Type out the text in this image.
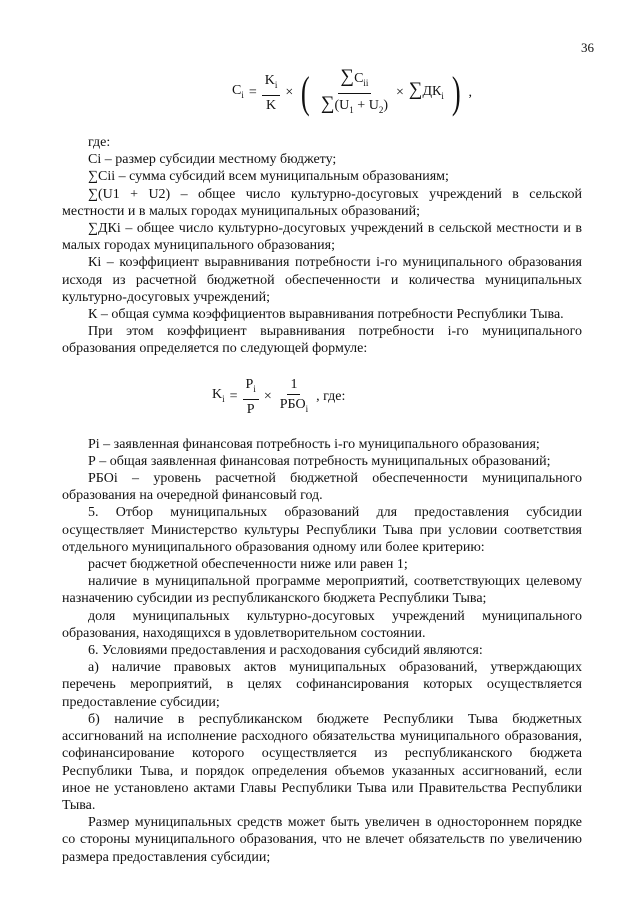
36
$C_i = \frac{K_i}{K}$ × ( $\frac{\sum C_{ii}}{\sum(U_1 + U_2)} \times \sum ДК_i$ ) ,

где:

Сi – размер субсидии местному бюджету;

∑Сii – сумма субсидий всем муниципальным образованиям;

∑(U1 + U2) – общее число культурно-досуговых учреждений в сельской местности и в малых городах муниципальных образований;

∑ДКi – общее число культурно-досуговых учреждений в сельской местности и в малых городах муниципального образования;

Кi – коэффициент выравнивания потребности i-го муниципального образования исходя из расчетной бюджетной обеспеченности и количества муниципальных культурно-досуговых учреждений;

К – общая сумма коэффициентов выравнивания потребности Республики Тыва.

При этом коэффициент выравнивания потребности i-го муниципального образования определяется по следующей формуле:

$K_i = \frac{P_i}{P} \times \frac{1}{РБО_i}$ , где:

Рi – заявленная финансовая потребность i-го муниципального образования;

Р – общая заявленная финансовая потребность муниципальных образований;

РБОi – уровень расчетной бюджетной обеспеченности муниципального образования на очередной финансовый год.

5. Отбор муниципальных образований для предоставления субсидии осуществляет Министерство культуры Республики Тыва при условии соответствия отдельного муниципального образования одному или более критерию:

расчет бюджетной обеспеченности ниже или равен 1;

наличие в муниципальной программе мероприятий, соответствующих целевому назначению субсидии из республиканского бюджета Республики Тыва;

доля муниципальных культурно-досуговых учреждений муниципального образования, находящихся в удовлетворительном состоянии.

6. Условиями предоставления и расходования субсидий являются:

а) наличие правовых актов муниципальных образований, утверждающих перечень мероприятий, в целях софинансирования которых осуществляется предоставление субсидии;

б) наличие в республиканском бюджете Республики Тыва бюджетных ассигнований на исполнение расходного обязательства муниципального образования, софинансирование которого осуществляется из республиканского бюджета Республики Тыва, и порядок определения объемов указанных ассигнований, если иное не установлено актами Главы Республики Тыва или Правительства Республики Тыва.

Размер муниципальных средств может быть увеличен в одностороннем порядке со стороны муниципального образования, что не влечет обязательств по увеличению размера предоставления субсидии;
